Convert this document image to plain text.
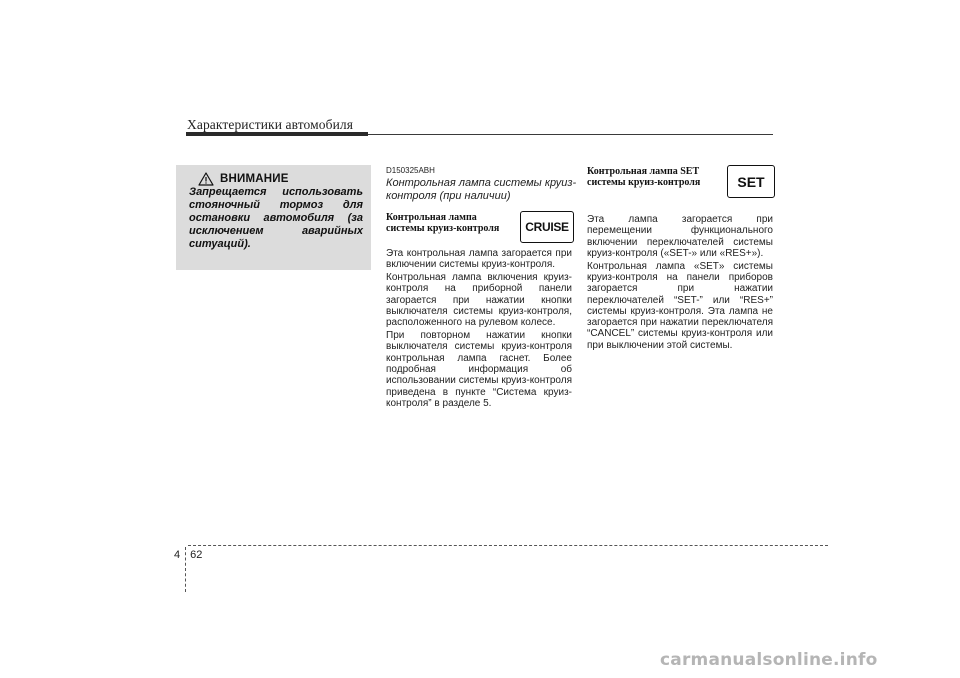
Характеристики автомобиля
ВНИМАНИЕ
Запрещается использовать стояночный тормоз для остановки автомобиля (за исключением аварийных ситуаций).
D150325ABH
Контрольная лампа системы круиз-контроля (при наличии)
Контрольная лампа системы круиз-контроля	CRUISE

Эта контрольная лампа загорается при включении системы круиз-контроля.

Контрольная лампа включения круиз-контроля на приборной панели загорается при нажатии кнопки выключателя системы круиз-контроля, расположенного на рулевом колесе.

При повторном нажатии кнопки выключателя системы круиз-контроля контрольная лампа гаснет. Более подробная информация об использовании системы круиз-контроля приведена в пункте “Система круиз-контроля” в разделе 5.

Контрольная лампа SET системы круиз-контроля	SET

Эта лампа загорается при перемещении функционального включении переключателей системы круиз-контроля («SET-» или «RES+»).

Контрольная лампа «SET» системы круиз-контроля на панели приборов загорается при нажатии переключателей “SET-” или “RES+” системы круиз-контроля. Эта лампа не загорается при нажатии переключателя “CANCEL” системы круиз-контроля или при выключении этой системы.

4 62
carmanualsonline.info
